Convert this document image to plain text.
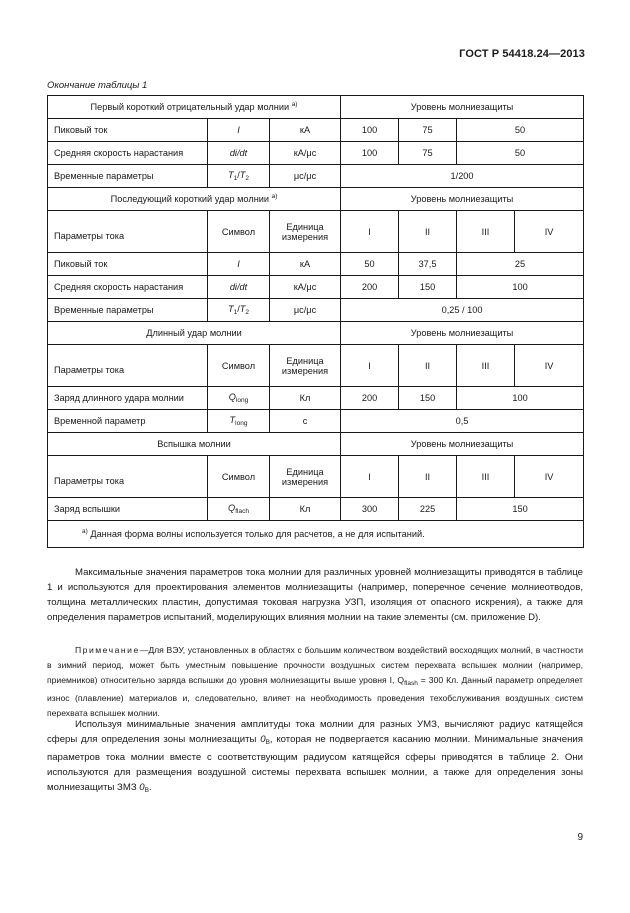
ГОСТ Р 54418.24—2013
Окончание таблицы 1
Первый короткий отрицательный удар молнии $^{а)}$			Уровень молниезащиты			
Пиковый ток	I	кА	100	75	50	
Средняя скорость нарастания	di/dt	кА/μс	100	75	50	
Временные параметры	$T_1/T_2$	μс/μс	1/200			
Последующий короткий удар молнии $^{а)}$			Уровень молниезащиты			
Параметры тока	Символ	Единица измерения	I	II	III	IV
Пиковый ток	I	кА	50	37,5	25	
Средняя скорость нарастания	di/dt	кА/μс	200	150	100	
Временные параметры	$T_1/T_2$	μс/μс	0,25 / 100			
Длинный удар молнии			Уровень молниезащиты			
Параметры тока	Символ	Единица измерения	I	II	III	IV
Заряд длинного удара молнии	$Q_{long}$	Кл	200	150	100	
Временной параметр	$T_{long}$	с	0,5			
Вспышка молнии			Уровень молниезащиты			
Параметры тока	Символ	Единица измерения	I	II	III	IV
Заряд вспышки	$Q_{flach}$	Кл	300	225	150	
$^{а)}$ Данная форма волны используется только для расчетов, а не для испытаний.						
Максимальные значения параметров тока молнии для различных уровней молниезащиты приводятся в таблице 1 и используются для проектирования элементов молниезащиты (например, поперечное сечение молниеотводов, толщина металлических пластин, допустимая токовая нагрузка УЗП, изоляция от опасного искрения), а также для определения параметров испытаний, моделирующих влияния молнии на такие элементы (см. приложение D).
Примечание—Для ВЭУ, установленных в областях с большим количеством воздействий восходящих молний, в частности в зимний период, может быть уместным повышение прочности воздушных систем перехвата вспышек молнии (например, приемников) относительно заряда вспышки до уровня молниезащиты выше уровня I, $Q_{flash} = 300$ Кл. Данный параметр определяет износ (плавление) материалов и, следовательно, влияет на необходимость проведения техобслуживания воздушных систем перехвата вспышек молнии.
Используя минимальные значения амплитуды тока молнии для разных УМЗ, вычисляют радиус катящейся сферы для определения зоны молниезащиты $0_В$, которая не подвергается касанию молнии. Минимальные значения параметров тока молнии вместе с соответствующим радиусом катящейся сферы приводятся в таблице 2. Они используются для размещения воздушной системы перехвата вспышек молнии, а также для определения зоны молниезащиты ЗМЗ $0_В$.
9
